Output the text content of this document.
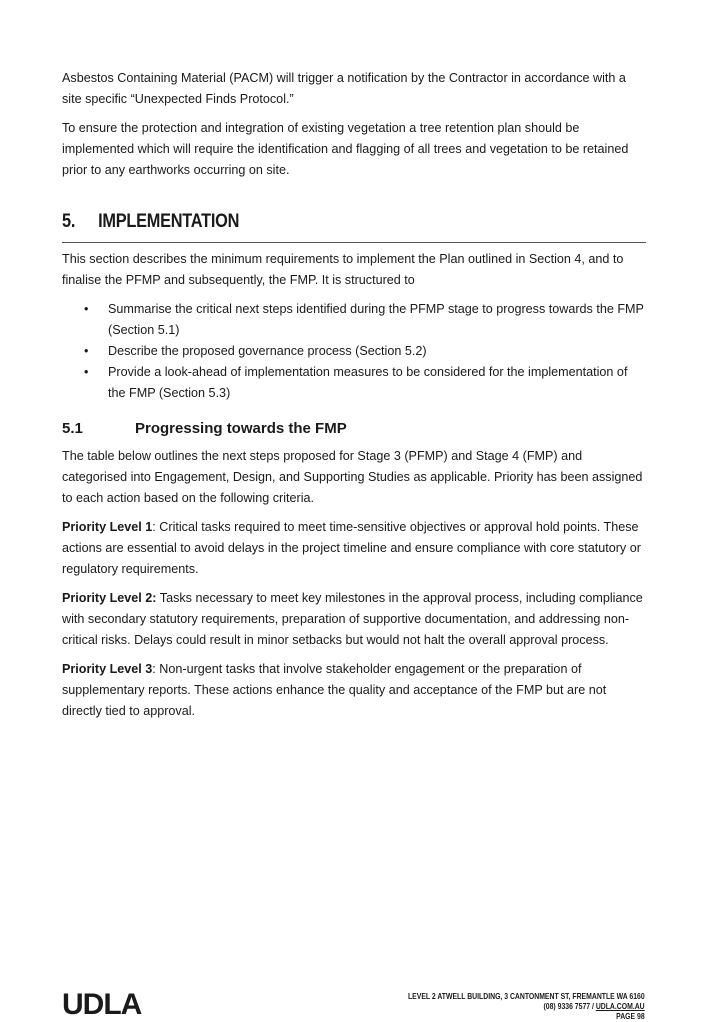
Asbestos Containing Material (PACM) will trigger a notification by the Contractor in accordance with a site specific “Unexpected Finds Protocol.”

To ensure the protection and integration of existing vegetation a tree retention plan should be implemented which will require the identification and flagging of all trees and vegetation to be retained prior to any earthworks occurring on site.

5. IMPLEMENTATION

This section describes the minimum requirements to implement the Plan outlined in Section 4, and to finalise the PFMP and subsequently, the FMP. It is structured to

• Summarise the critical next steps identified during the PFMP stage to progress towards the FMP (Section 5.1)
• Describe the proposed governance process (Section 5.2)
• Provide a look-ahead of implementation measures to be considered for the implementation of the FMP (Section 5.3)
5.1	Progressing towards the FMP

The table below outlines the next steps proposed for Stage 3 (PFMP) and Stage 4 (FMP) and categorised into Engagement, Design, and Supporting Studies as applicable. Priority has been assigned to each action based on the following criteria.

Priority Level 1: Critical tasks required to meet time-sensitive objectives or approval hold points. These actions are essential to avoid delays in the project timeline and ensure compliance with core statutory or regulatory requirements.

Priority Level 2: Tasks necessary to meet key milestones in the approval process, including compliance with secondary statutory requirements, preparation of supportive documentation, and addressing non-critical risks. Delays could result in minor setbacks but would not halt the overall approval process.

Priority Level 3: Non-urgent tasks that involve stakeholder engagement or the preparation of supplementary reports. These actions enhance the quality and acceptance of the FMP but are not directly tied to approval.

UDLA	LEVEL 2 ATWELL BUILDING, 3 CANTONMENT ST, FREMANTLE WA 6160
(08) 9336 7577 / UDLA.COM.AU
PAGE 98
